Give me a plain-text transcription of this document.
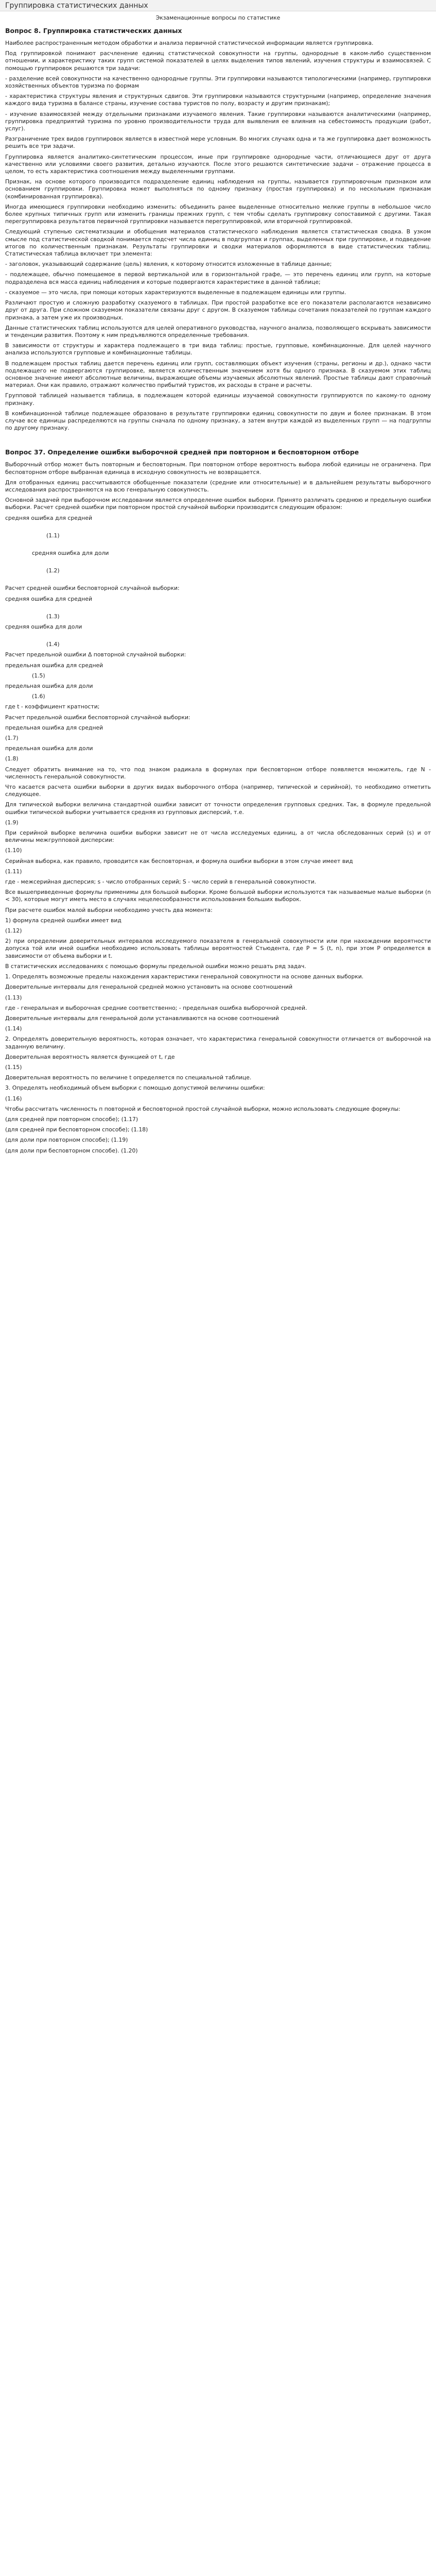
Группировка статистических данных

Экзаменационные вопросы по статистике

Вопрос 8. Группировка статистических данных

Наиболее распространенным методом обработки и анализа первичной статистической информации является группировка.

Под группировкой понимают расчленение единиц статистической совокупности на группы, однородные в каком-либо существенном отношении, и характеристику таких групп системой показателей в целях выделения типов явлений, изучения структуры и взаимосвязей. С помощью группировок решаются три задачи:

- разделение всей совокупности на качественно однородные группы. Эти группировки называются типологическими (например, группировки хозяйственных объектов туризма по формам

- характеристика структуры явления и структурных сдвигов. Эти группировки называются структурными (например, определение значения каждого вида туризма в балансе страны, изучение состава туристов по полу, возрасту и другим признакам);

- изучение взаимосвязей между отдельными признаками изучаемого явления. Такие группировки называются аналитическими (например, группировка предприятий туризма по уровню производительности труда для выявления ее влияния на себестоимость продукции (работ, услуг).

Разграничение трех видов группировок является в известной мере условным. Во многих случаях одна и та же группировка дает возможность решить все три задачи.

Группировка является аналитико-синтетическим процессом, иные при группировке однородные части, отличающиеся друг от друга качественно или условиями своего развития, детально изучаются. После этого решаются синтетические задачи – отражение процесса в целом, то есть характеристика соотношения между выделенными группами.

Признак, на основе которого производится подразделение единиц наблюдения на группы, называется группировочным признаком или основанием группировки. Группировка может выполняться по одному признаку (простая группировка) и по нескольким признакам (комбинированная группировка).

Иногда имеющиеся группировки необходимо изменить: объединить ранее выделенные относительно мелкие группы в небольшое число более крупных типичных групп или изменить границы прежних групп, с тем чтобы сделать группировку сопоставимой с другими. Такая перегруппировка результатов первичной группировки называется перегруппировкой, или вторичной группировкой.

Следующий ступенью систематизации и обобщения материалов статистического наблюдения является статистическая сводка. В узком смысле под статистической сводкой понимается подсчет числа единиц в подгруппах и группах, выделенных при группировке, и подведение итогов по количественным признакам. Результаты группировки и сводки материалов оформляются в виде статистических таблиц. Статистическая таблица включает три элемента:

- заголовок, указывающий содержание (цель) явления, к которому относится изложенные в таблице данные;

- подлежащее, обычно помещаемое в первой вертикальной или в горизонтальной графе, — это перечень единиц или групп, на которые подразделена вся масса единиц наблюдения и которые подвергаются характеристике в данной таблице;

- сказуемое — это числа, при помощи которых характеризуются выделенные в подлежащем единицы или группы.

Различают простую и сложную разработку сказуемого в таблицах. При простой разработке все его показатели располагаются независимо друг от друга. При сложном сказуемом показатели связаны друг с другом. В сказуемом таблицы сочетания показателей по группам каждого признака, а затем уже их производных.

Данные статистических таблиц используются для целей оперативного руководства, научного анализа, позволяющего вскрывать зависимости и тенденции развития. Поэтому к ним предъявляются определенные требования.

В зависимости от структуры и характера подлежащего в три вида таблиц: простые, групповые, комбинационные. Для целей научного анализа используются групповые и комбинационные таблицы.

В подлежащем простых таблиц дается перечень единиц или групп, составляющих объект изучения (страны, регионы и др.), однако части подлежащего не подвергаются группировке, является количественным значением хотя бы одного признака. В сказуемом этих таблиц основное значение имеют абсолютные величины, выражающие объемы изучаемых абсолютных явлений. Простые таблицы дают справочный материал. Они как правило, отражают количество прибытий туристов, их расходы в стране и расчеты.

Групповой таблицей называется таблица, в подлежащем которой единицы изучаемой совокупности группируются по какому-то одному признаку.

В комбинационной таблице подлежащее образовано в результате группировки единиц совокупности по двум и более признакам. В этом случае все единицы распределяются на группы сначала по одному признаку, а затем внутри каждой из выделенных групп — на подгруппы по другому признаку.

Вопрос 37. Определение ошибки выборочной средней при повторном и бесповторном отборе

Выборочный отбор может быть повторным и бесповторным. При повторном отборе вероятность выбора любой единицы не ограничена. При бесповторном отборе выбранная единица в исходную совокупность не возвращается.

Для отобранных единиц рассчитываются обобщенные показатели (средние или относительные) и в дальнейшем результаты выборочного исследования распространяются на всю генеральную совокупность.

Основной задачей при выборочном исследовании является определение ошибок выборки. Принято различать среднюю и предельную ошибки выборки. Расчет средней ошибки при повторном простой случайной выборки производится следующим образом:

средняя ошибка для средней

(1.1)

средняя ошибка для доли

(1.2)

Расчет средней ошибки бесповторной случайной выборки:

средняя ошибка для средней

(1.3)

средняя ошибка для доли

(1.4)

Расчет предельной ошибки Δ повторной случайной выборки:

предельная ошибка для средней

(1.5)

предельная ошибка для доли

(1.6)

где t - коэффициент кратности;

Расчет предельной ошибки бесповторной случайной выборки:

предельная ошибка для средней

(1.7)

предельная ошибка для доли

(1.8)

Следует обратить внимание на то, что под знаком радикала в формулах при бесповторном отборе появляется множитель, где N - численность генеральной совокупности.

Что касается расчета ошибки выборки в других видах выборочного отбора (например, типической и серийной), то необходимо отметить следующее.

Для типической выборки величина стандартной ошибки зависит от точности определения групповых средних. Так, в формуле предельной ошибки типической выборки учитывается средняя из групповых дисперсий, т.е.

(1.9)

При серийной выборке величина ошибки выборки зависит не от числа исследуемых единиц, а от числа обследованных серий (s) и от величины межгрупповой дисперсии:

(1.10)

Серийная выборка, как правило, проводится как бесповторная, и формула ошибки выборки в этом случае имеет вид

(1.11)

где - межсерийная дисперсия; s - число отобранных серий; S - число серий в генеральной совокупности.

Все вышеприведенные формулы применимы для большой выборки. Кроме большой выборки используются так называемые малые выборки (n < 30), которые могут иметь место в случаях нецелесообразности использования больших выборок.

При расчете ошибок малой выборки необходимо учесть два момента:

1) формула средней ошибки имеет вид

(1.12)

2) при определении доверительных интервалов исследуемого показателя в генеральной совокупности или при нахождении вероятности допуска той или иной ошибки необходимо использовать таблицы вероятностей Стьюдента, где P = S (t, n), при этом P определяется в зависимости от объема выборки и t.

В статистических исследованиях с помощью формулы предельной ошибки можно решать ряд задач.

1. Определять возможные пределы нахождения характеристики генеральной совокупности на основе данных выборки.

Доверительные интервалы для генеральной средней можно установить на основе соотношений

(1.13)

где - генеральная и выборочная средние соответственно; - предельная ошибка выборочной средней.

Доверительные интервалы для генеральной доли устанавливаются на основе соотношений

(1.14)

2. Определять доверительную вероятность, которая означает, что характеристика генеральной совокупности отличается от выборочной на заданную величину.

Доверительная вероятность является функцией от t, где

(1.15)

Доверительная вероятность по величине t определяется по специальной таблице.

3. Определять необходимый объем выборки с помощью допустимой величины ошибки:

(1.16)

Чтобы рассчитать численность п повторной и бесповторной простой случайной выборки, можно использовать следующие формулы:

(для средней при повторном способе); (1.17)

(для средней при бесповторном способе); (1.18)

(для доли при повторном способе); (1.19)

(для доли при бесповторном способе). (1.20)
